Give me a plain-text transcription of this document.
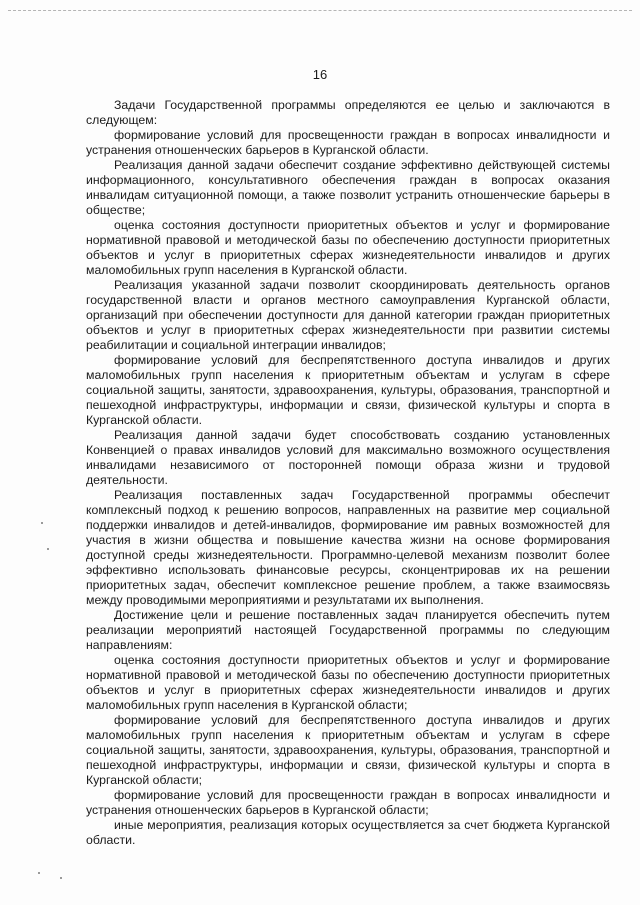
16

Задачи Государственной программы определяются ее целью и заключаются в следующем:

формирование условий для просвещенности граждан в вопросах инвалидности и устранения отношенческих барьеров в Курганской области.

Реализация данной задачи обеспечит создание эффективно действующей системы информационного, консультативного обеспечения граждан в вопросах оказания инвалидам ситуационной помощи, а также позволит устранить отношенческие барьеры в обществе;

оценка состояния доступности приоритетных объектов и услуг и формирование нормативной правовой и методической базы по обеспечению доступности приоритетных объектов и услуг в приоритетных сферах жизнедеятельности инвалидов и других маломобильных групп населения в Курганской области.

Реализация указанной задачи позволит скоординировать деятельность органов государственной власти и органов местного самоуправления Курганской области, организаций при обеспечении доступности для данной категории граждан приоритетных объектов и услуг в приоритетных сферах жизнедеятельности при развитии системы реабилитации и социальной интеграции инвалидов;

формирование условий для беспрепятственного доступа инвалидов и других маломобильных групп населения к приоритетным объектам и услугам в сфере социальной защиты, занятости, здравоохранения, культуры, образования, транспортной и пешеходной инфраструктуры, информации и связи, физической культуры и спорта в Курганской области.

Реализация данной задачи будет способствовать созданию установленных Конвенцией о правах инвалидов условий для максимально возможного осуществления инвалидами независимого от посторонней помощи образа жизни и трудовой деятельности.

Реализация поставленных задач Государственной программы обеспечит комплексный подход к решению вопросов, направленных на развитие мер социальной поддержки инвалидов и детей-инвалидов, формирование им равных возможностей для участия в жизни общества и повышение качества жизни на основе формирования доступной среды жизнедеятельности. Программно-целевой механизм позволит более эффективно использовать финансовые ресурсы, сконцентрировав их на решении приоритетных задач, обеспечит комплексное решение проблем, а также взаимосвязь между проводимыми мероприятиями и результатами их выполнения.

Достижение цели и решение поставленных задач планируется обеспечить путем реализации мероприятий настоящей Государственной программы по следующим направлениям:

оценка состояния доступности приоритетных объектов и услуг и формирование нормативной правовой и методической базы по обеспечению доступности приоритетных объектов и услуг в приоритетных сферах жизнедеятельности инвалидов и других маломобильных групп населения в Курганской области;

формирование условий для беспрепятственного доступа инвалидов и других маломобильных групп населения к приоритетным объектам и услугам в сфере социальной защиты, занятости, здравоохранения, культуры, образования, транспортной и пешеходной инфраструктуры, информации и связи, физической культуры и спорта в Курганской области;

формирование условий для просвещенности граждан в вопросах инвалидности и устранения отношенческих барьеров в Курганской области;

иные мероприятия, реализация которых осуществляется за счет бюджета Курганской области.
